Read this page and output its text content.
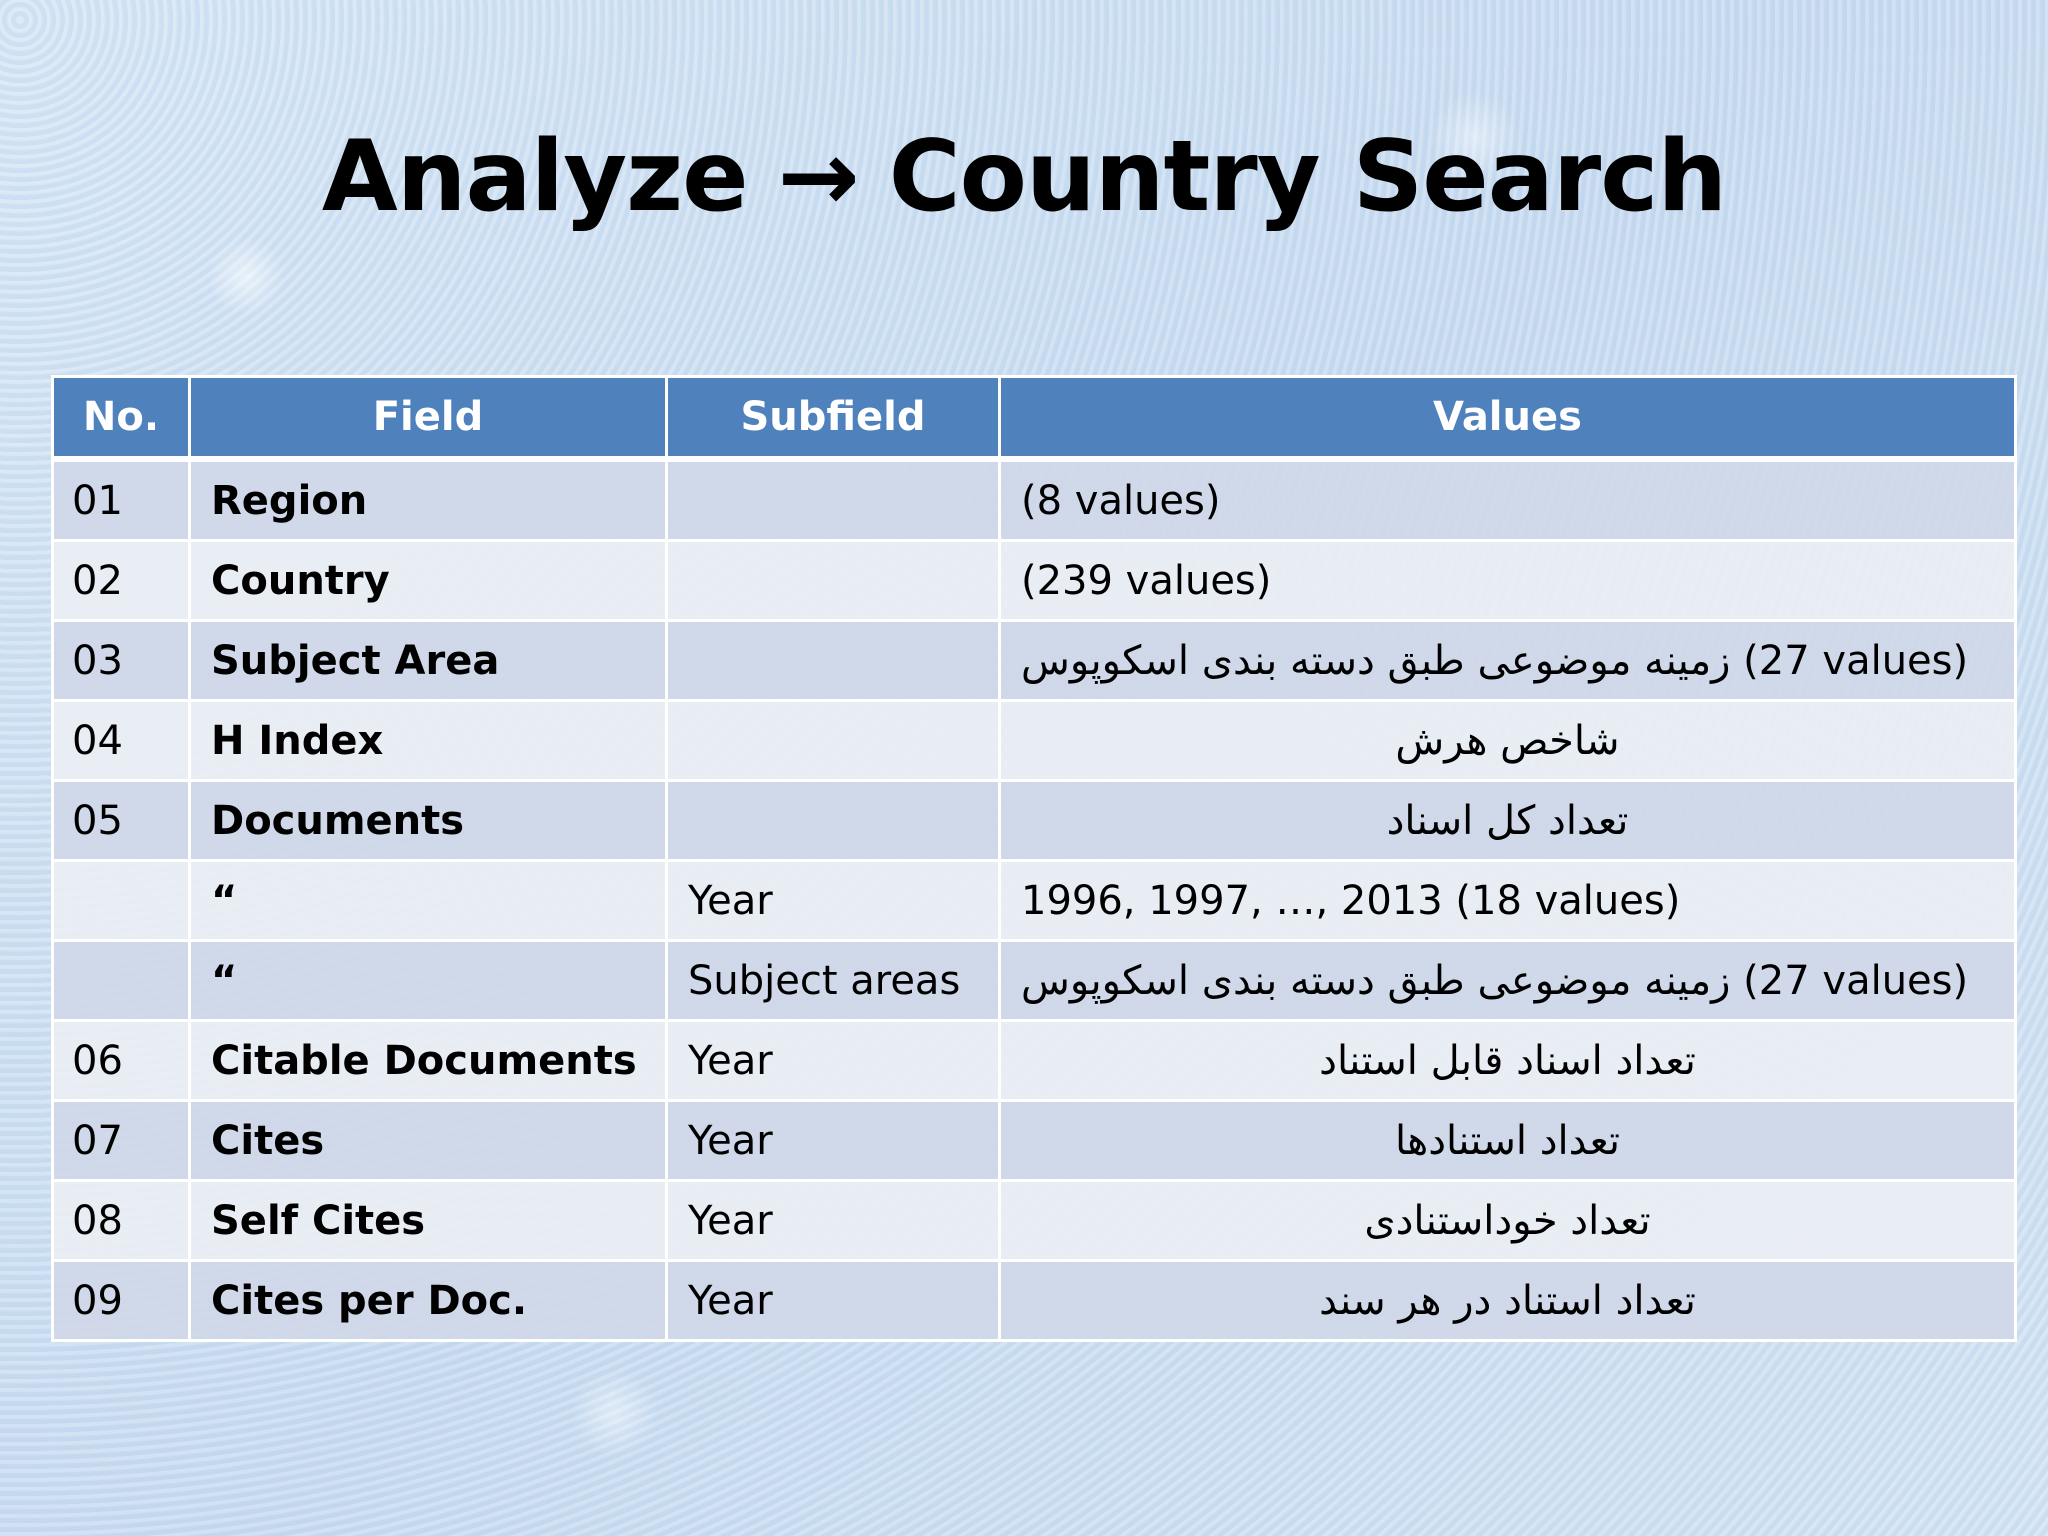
Analyze → Country Search
No.	Field	Subfield	Values
01	Region		(8 values)
02	Country		(239 values)
03	Subject Area		زمینه موضوعی طبق دسته بندی اسکوپوس (27 values)
04	H Index		شاخص هرش
05	Documents		تعداد کل اسناد
	“	Year	1996, 1997, …, 2013 (18 values)
	“	Subject areas	زمینه موضوعی طبق دسته بندی اسکوپوس (27 values)
06	Citable Documents	Year	تعداد اسناد قابل استناد
07	Cites	Year	تعداد استنادها
08	Self Cites	Year	تعداد خوداستنادی
09	Cites per Doc.	Year	تعداد استناد در هر سند
